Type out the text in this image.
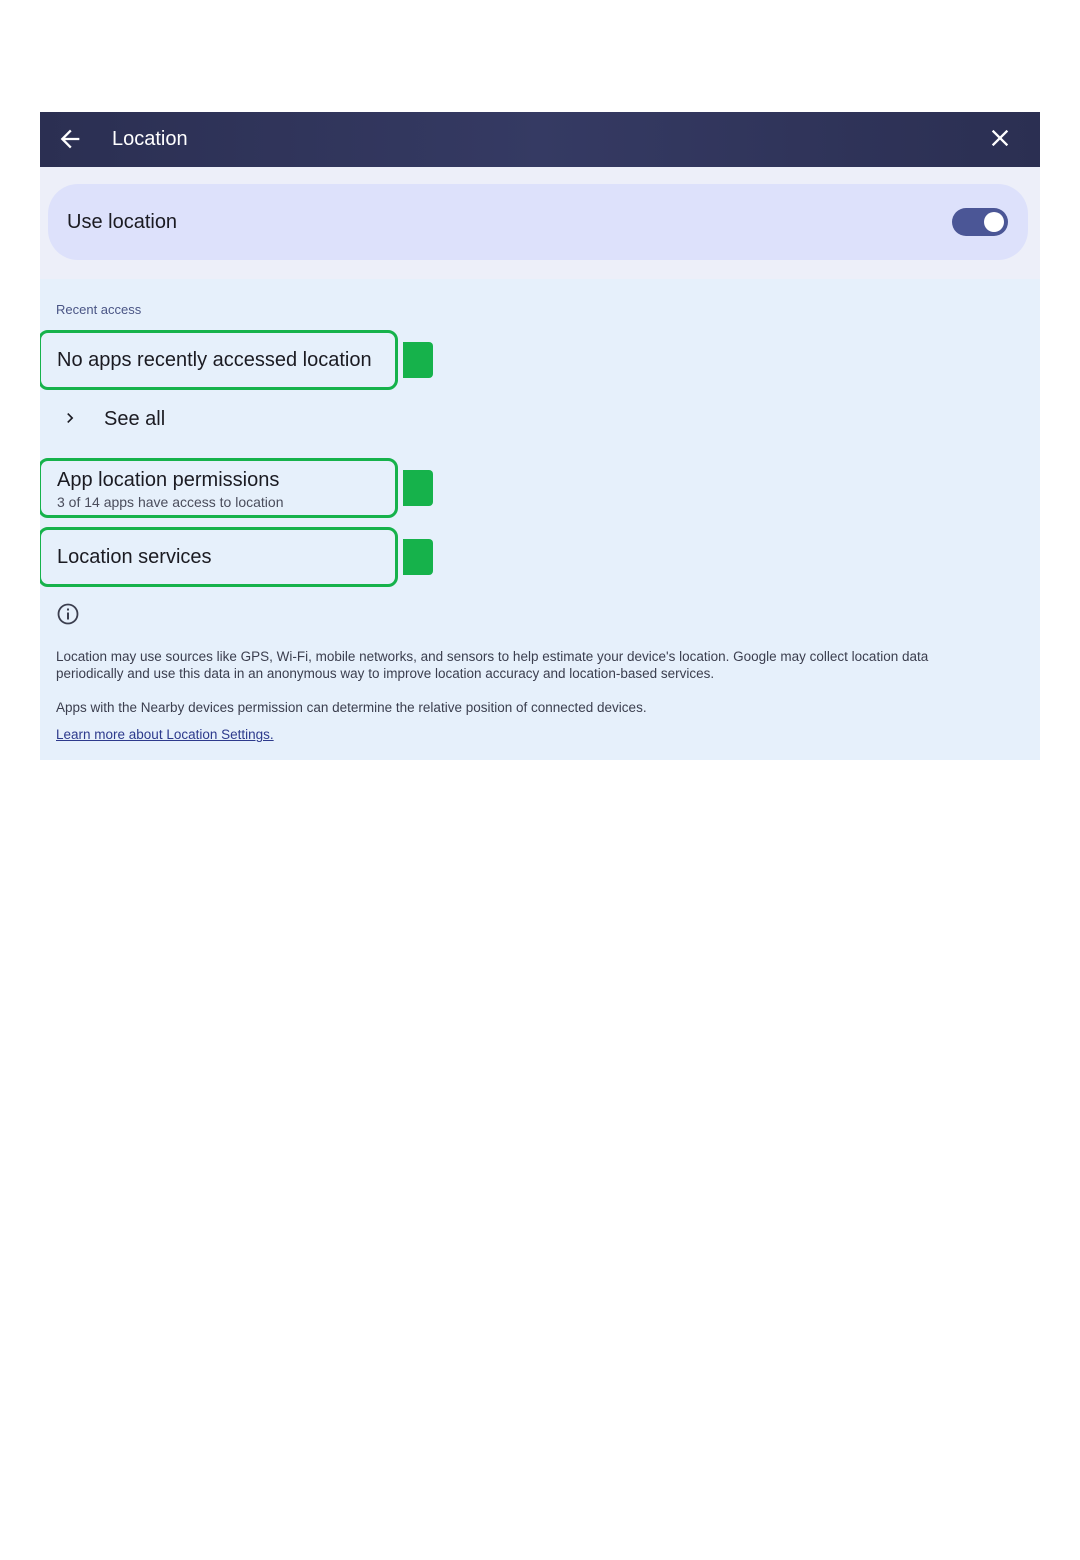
Location
Use location
Recent access
No apps recently accessed location
See all
App location permissions
3 of 14 apps have access to location
Location services
Location may use sources like GPS, Wi-Fi, mobile networks, and sensors to help estimate your device's location. Google may collect location data periodically and use this data in an anonymous way to improve location accuracy and location-based services.
Apps with the Nearby devices permission can determine the relative position of connected devices.
Learn more about Location Settings.
